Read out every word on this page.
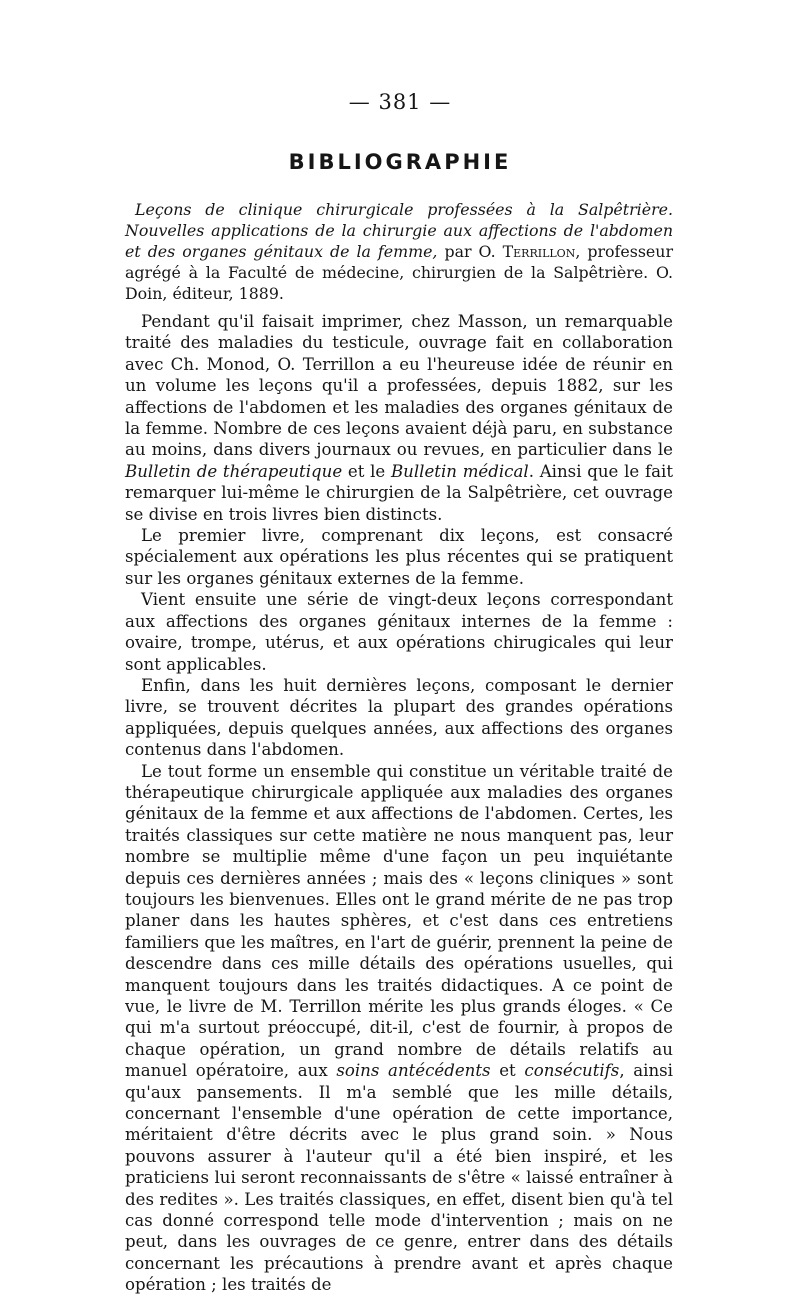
— 381 —
BIBLIOGRAPHIE

Leçons de clinique chirurgicale professées à la Salpêtrière. Nouvelles applications de la chirurgie aux affections de l'abdomen et des organes génitaux de la femme, par O. Terrillon, professeur agrégé à la Faculté de médecine, chirurgien de la Salpêtrière. O. Doin, éditeur, 1889.

Pendant qu'il faisait imprimer, chez Masson, un remarquable traité des maladies du testicule, ouvrage fait en collaboration avec Ch. Monod, O. Terrillon a eu l'heureuse idée de réunir en un volume les leçons qu'il a professées, depuis 1882, sur les affections de l'abdomen et les maladies des organes génitaux de la femme. Nombre de ces leçons avaient déjà paru, en substance au moins, dans divers journaux ou revues, en particulier dans le Bulletin de thérapeutique et le Bulletin médical. Ainsi que le fait remarquer lui-même le chirurgien de la Salpêtrière, cet ouvrage se divise en trois livres bien distincts.

Le premier livre, comprenant dix leçons, est consacré spécialement aux opérations les plus récentes qui se pratiquent sur les organes génitaux externes de la femme.

Vient ensuite une série de vingt-deux leçons correspondant aux affections des organes génitaux internes de la femme : ovaire, trompe, utérus, et aux opérations chirugicales qui leur sont applicables.

Enfin, dans les huit dernières leçons, composant le dernier livre, se trouvent décrites la plupart des grandes opérations appliquées, depuis quelques années, aux affections des organes contenus dans l'abdomen.

Le tout forme un ensemble qui constitue un véritable traité de thérapeutique chirurgicale appliquée aux maladies des organes génitaux de la femme et aux affections de l'abdomen. Certes, les traités classiques sur cette matière ne nous manquent pas, leur nombre se multiplie même d'une façon un peu inquiétante depuis ces dernières années ; mais des « leçons cliniques » sont toujours les bienvenues. Elles ont le grand mérite de ne pas trop planer dans les hautes sphères, et c'est dans ces entretiens familiers que les maîtres, en l'art de guérir, prennent la peine de descendre dans ces mille détails des opérations usuelles, qui manquent toujours dans les traités didactiques. A ce point de vue, le livre de M. Terrillon mérite les plus grands éloges. « Ce qui m'a surtout préoccupé, dit-il, c'est de fournir, à propos de chaque opération, un grand nombre de détails relatifs au manuel opératoire, aux soins antécédents et consécutifs, ainsi qu'aux pansements. Il m'a semblé que les mille détails, concernant l'ensemble d'une opération de cette importance, méritaient d'être décrits avec le plus grand soin. » Nous pouvons assurer à l'auteur qu'il a été bien inspiré, et les praticiens lui seront reconnaissants de s'être « laissé entraîner à des redites ». Les traités classiques, en effet, disent bien qu'à tel cas donné correspond telle mode d'intervention ; mais on ne peut, dans les ouvrages de ce genre, entrer dans des détails concernant les précautions à prendre avant et après chaque opération ; les traités de
